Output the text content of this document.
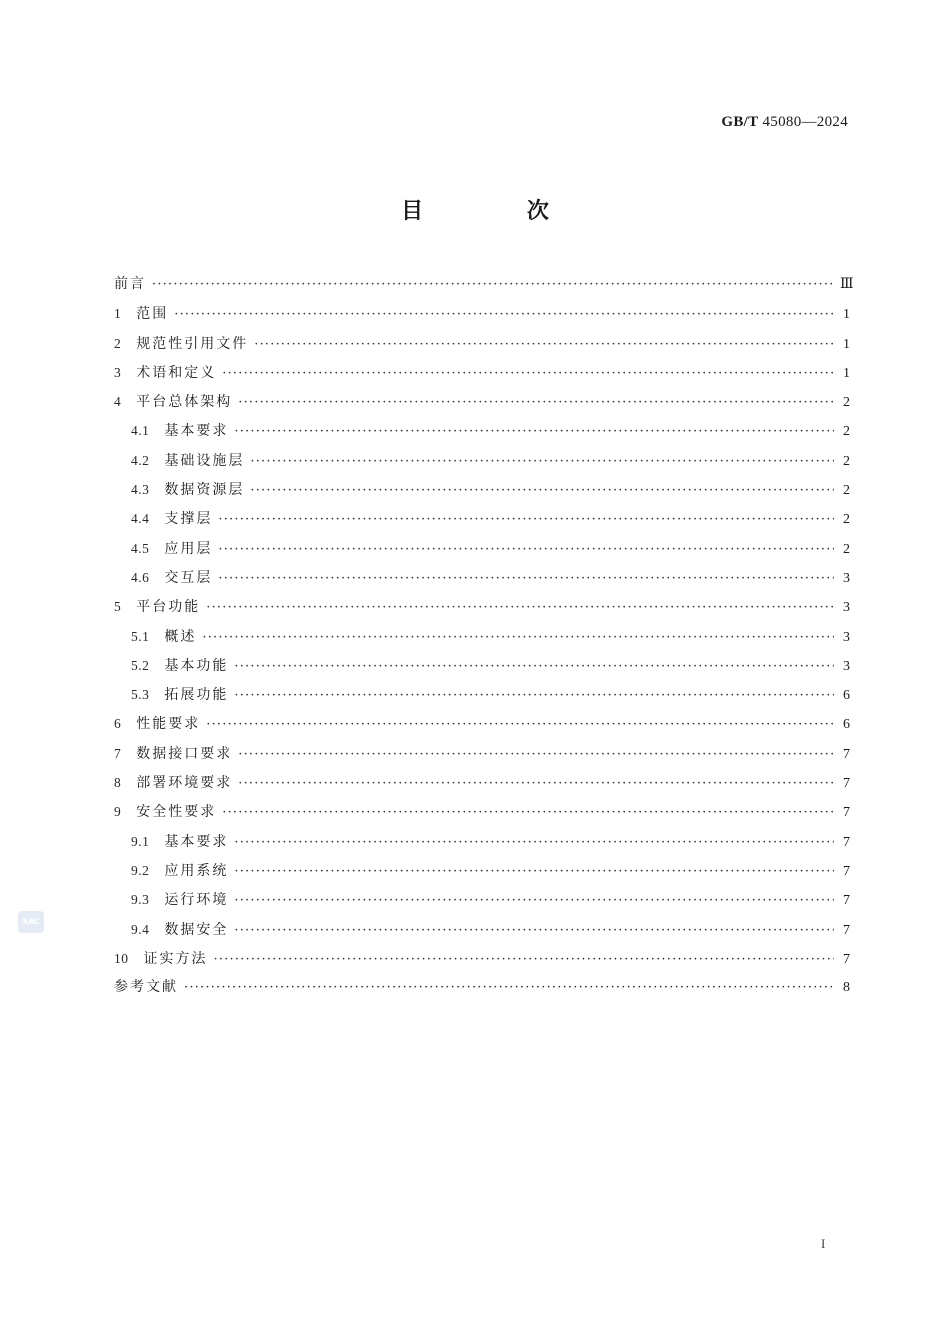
GB/T 45080—2024
目 次
前言 ·····	Ⅲ
1 范围 ·····	1
2 规范性引用文件 ·····	1
3 术语和定义 ·····	1
4 平台总体架构 ·····	2
4.1 基本要求 ·····	2
4.2 基础设施层 ·····	2
4.3 数据资源层 ·····	2
4.4 支撑层 ·····	2
4.5 应用层 ·····	2
4.6 交互层 ·····	3
5 平台功能 ·····	3
5.1 概述 ·····	3
5.2 基本功能 ·····	3
5.3 拓展功能 ·····	6
6 性能要求 ·····	6
7 数据接口要求 ·····	7
8 部署环境要求 ·····	7
9 安全性要求 ·····	7
9.1 基本要求 ·····	7
9.2 应用系统 ·····	7
9.3 运行环境 ·····	7
9.4 数据安全 ·····	7
10 证实方法 ·····	7
参考文献 ·····	8
I
SAC
